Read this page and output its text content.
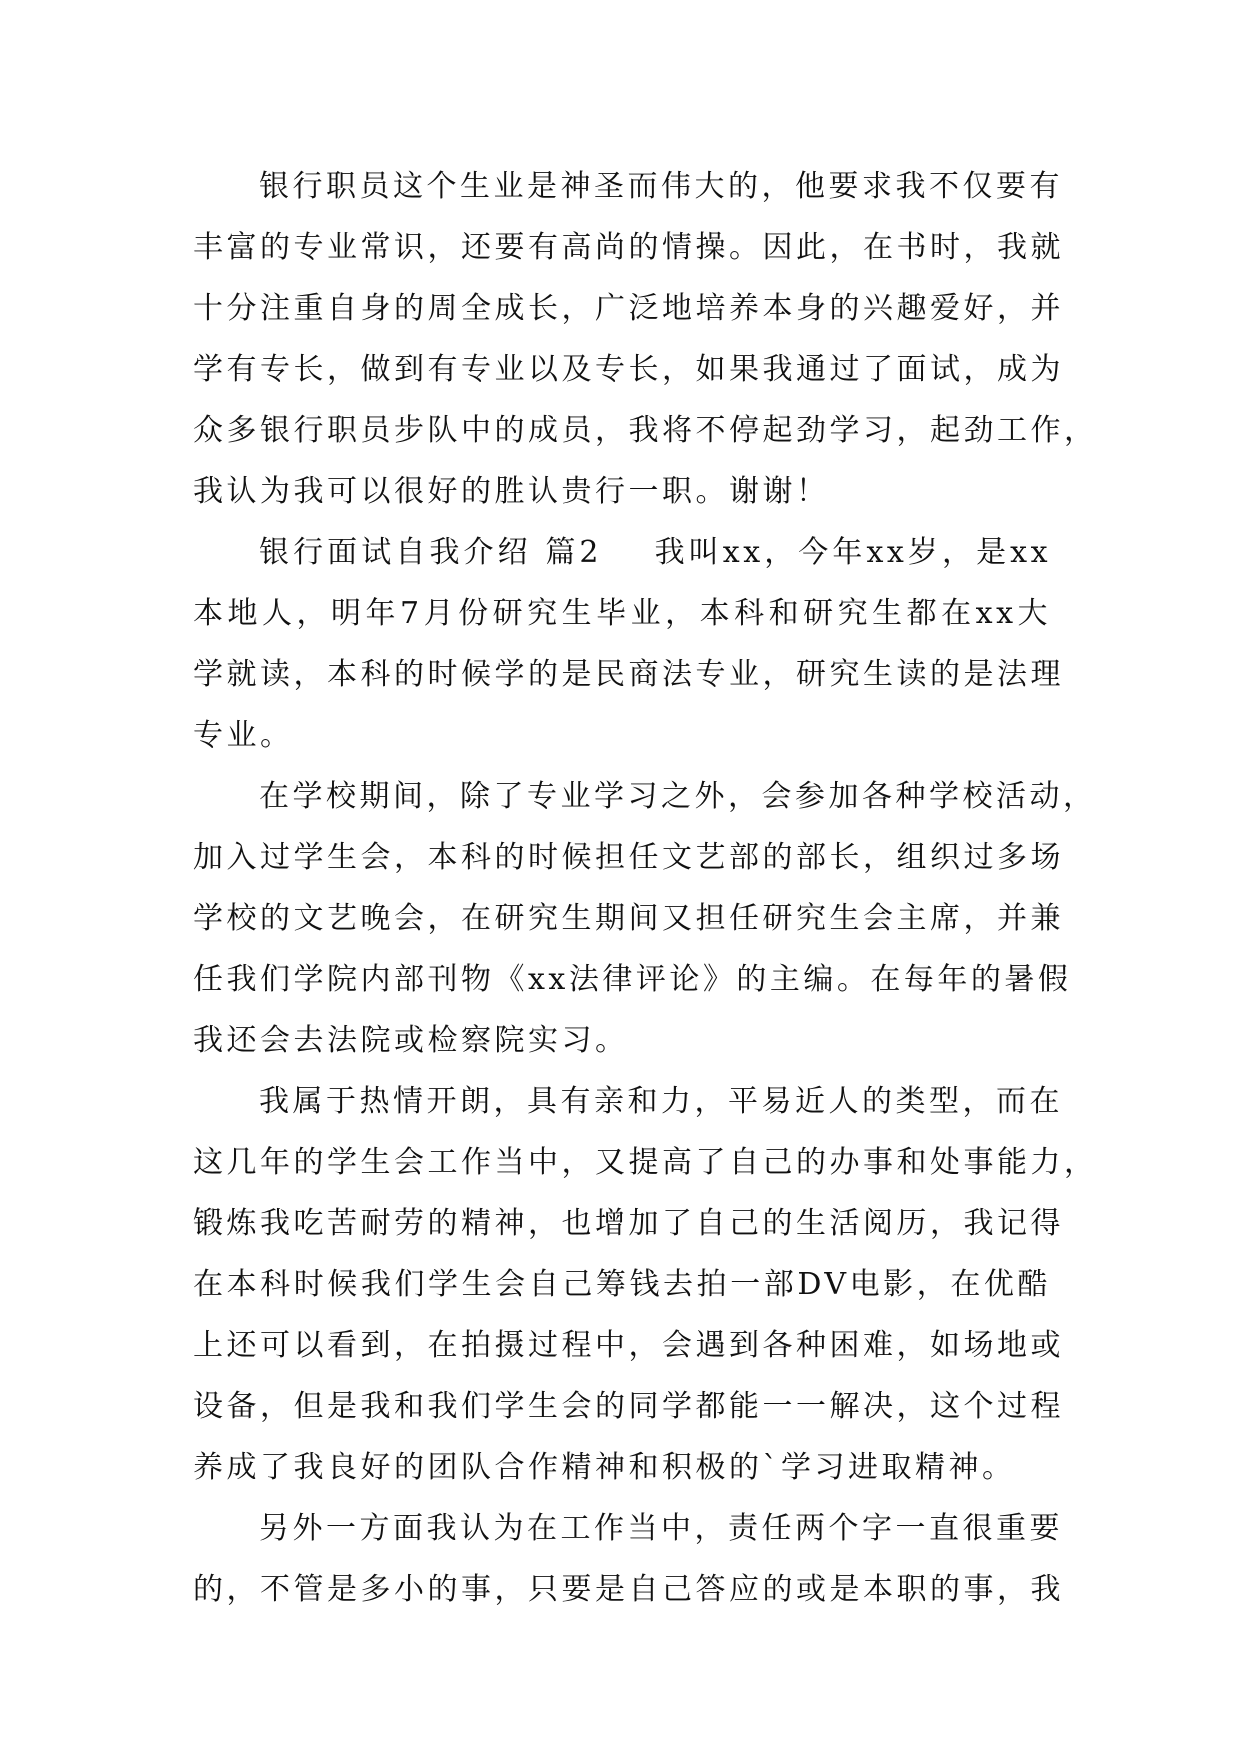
银行职员这个生业是神圣而伟大的，他要求我不仅要有
丰富的专业常识，还要有高尚的情操。因此，在书时，我就
十分注重自身的周全成长，广泛地培养本身的兴趣爱好，并
学有专长，做到有专业以及专长，如果我通过了面试，成为
众多银行职员步队中的成员，我将不停起劲学习，起劲工作，
我认为我可以很好的胜认贵行一职。谢谢！
银行面试自我介绍 篇2 我叫xx，今年xx岁，是xx
本地人，明年7月份研究生毕业，本科和研究生都在xx大
学就读，本科的时候学的是民商法专业，研究生读的是法理
专业。
在学校期间，除了专业学习之外，会参加各种学校活动，
加入过学生会，本科的时候担任文艺部的部长，组织过多场
学校的文艺晚会，在研究生期间又担任研究生会主席，并兼
任我们学院内部刊物《xx法律评论》的主编。在每年的暑假
我还会去法院或检察院实习。
我属于热情开朗，具有亲和力，平易近人的类型，而在
这几年的学生会工作当中，又提高了自己的办事和处事能力，
锻炼我吃苦耐劳的精神，也增加了自己的生活阅历，我记得
在本科时候我们学生会自己筹钱去拍一部DV电影，在优酷
上还可以看到，在拍摄过程中，会遇到各种困难，如场地或
设备，但是我和我们学生会的同学都能一一解决，这个过程
养成了我良好的团队合作精神和积极的`学习进取精神。
另外一方面我认为在工作当中，责任两个字一直很重要
的，不管是多小的事，只要是自己答应的或是本职的事，我
